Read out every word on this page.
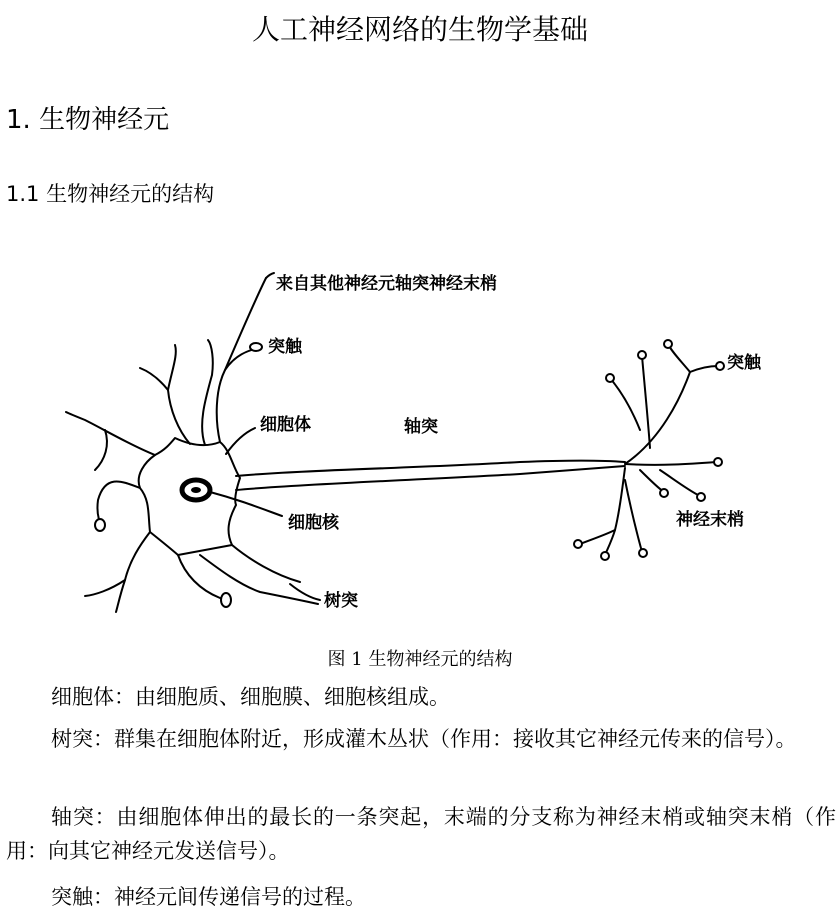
人工神经网络的生物学基础
1. 生物神经元
1.1 生物神经元的结构
来自其他神经元轴突神经末梢
突触
突触
细胞体	轴突
细胞核
树突
神经末梢
图 1 生物神经元的结构

细胞体：由细胞质、细胞膜、细胞核组成。

树突：群集在细胞体附近，形成灌木丛状（作用：接收其它神经元传来的信号）。

轴突：由细胞体伸出的最长的一条突起，末端的分支称为神经末梢或轴突末梢（作用：向其它神经元发送信号）。

突触：神经元间传递信号的过程。
